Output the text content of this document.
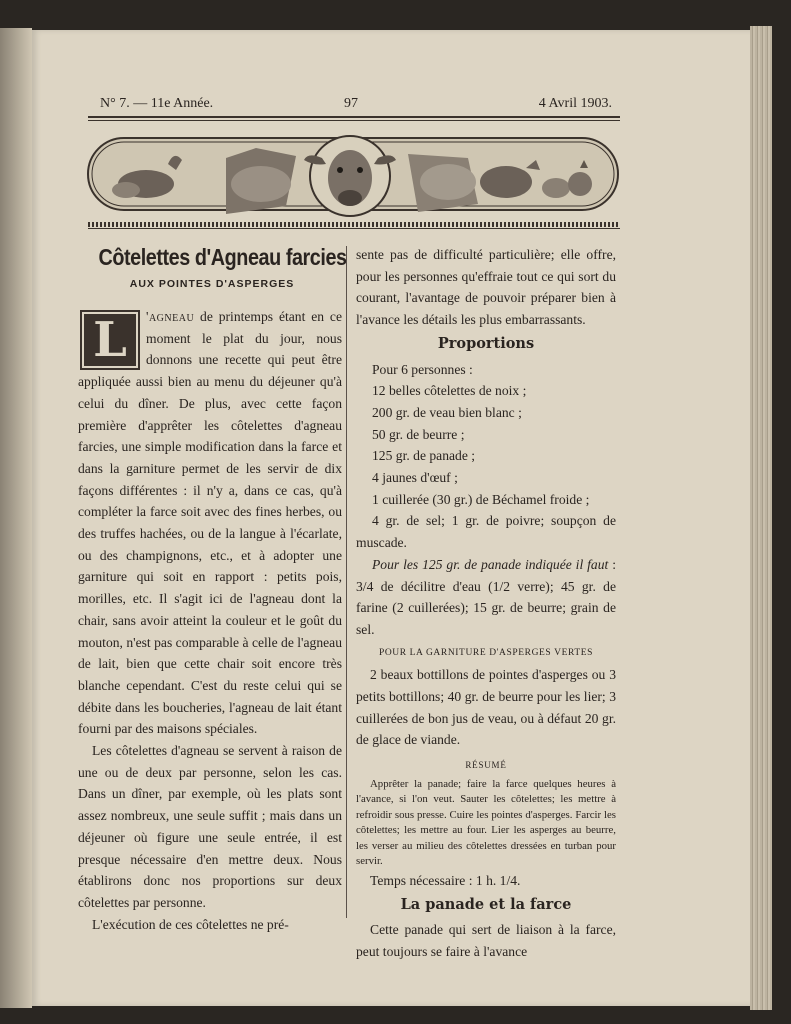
N° 7. — 11e Année.	97	4 Avril 1903.
Côtelettes d'Agneau farcies
AUX POINTES D'ASPERGES

L	'agneau de printemps étant en ce moment le plat du jour, nous donnons une recette qui peut être appliquée aussi bien au menu du déjeuner qu'à celui du dîner. De plus, avec cette façon première d'apprêter les côtelettes d'agneau farcies, une simple modification dans la farce et dans la garniture permet de les servir de dix façons différentes : il n'y a, dans ce cas, qu'à compléter la farce soit avec des fines herbes, ou des truffes hachées, ou de la langue à l'écarlate, ou des champignons, etc., et à adopter une garniture qui soit en rapport : petits pois, morilles, etc. Il s'agit ici de l'agneau dont la chair, sans avoir atteint la couleur et le goût du mouton, n'est pas comparable à celle de l'agneau de lait, bien que cette chair soit encore très blanche cependant. C'est du reste celui qui se débite dans les boucheries, l'agneau de lait étant fourni par des maisons spéciales.

Les côtelettes d'agneau se servent à raison de une ou de deux par personne, selon les cas. Dans un dîner, par exemple, où les plats sont assez nombreux, une seule suffit ; mais dans un déjeuner où figure une seule entrée, il est presque nécessaire d'en mettre deux. Nous établirons donc nos proportions sur deux côtelettes par personne.

L'exécution de ces côtelettes ne pré-

sente pas de difficulté particulière; elle offre, pour les personnes qu'effraie tout ce qui sort du courant, l'avantage de pouvoir préparer bien à l'avance les détails les plus embarrassants.

Proportions

Pour 6 personnes :

12 belles côtelettes de noix ;

200 gr. de veau bien blanc ;

50 gr. de beurre ;

125 gr. de panade ;

4 jaunes d'œuf ;

1 cuillerée (30 gr.) de Béchamel froide ;

4 gr. de sel; 1 gr. de poivre; soupçon de muscade.

Pour les 125 gr. de panade indiquée il faut : 3/4 de décilitre d'eau (1/2 verre); 45 gr. de farine (2 cuillerées); 15 gr. de beurre; grain de sel.

POUR LA GARNITURE D'ASPERGES VERTES

2 beaux bottillons de pointes d'asperges ou 3 petits bottillons; 40 gr. de beurre pour les lier; 3 cuillerées de bon jus de veau, ou à défaut 20 gr. de glace de viande.

RÉSUMÉ

Apprêter la panade; faire la farce quelques heures à l'avance, si l'on veut. Sauter les côtelettes; les mettre à refroidir sous presse. Cuire les pointes d'asperges. Farcir les côtelettes; les mettre au four. Lier les asperges au beurre, les verser au milieu des côtelettes dressées en turban pour servir.

Temps nécessaire : 1 h. 1/4.

La panade et la farce

Cette panade qui sert de liaison à la farce, peut toujours se faire à l'avance
